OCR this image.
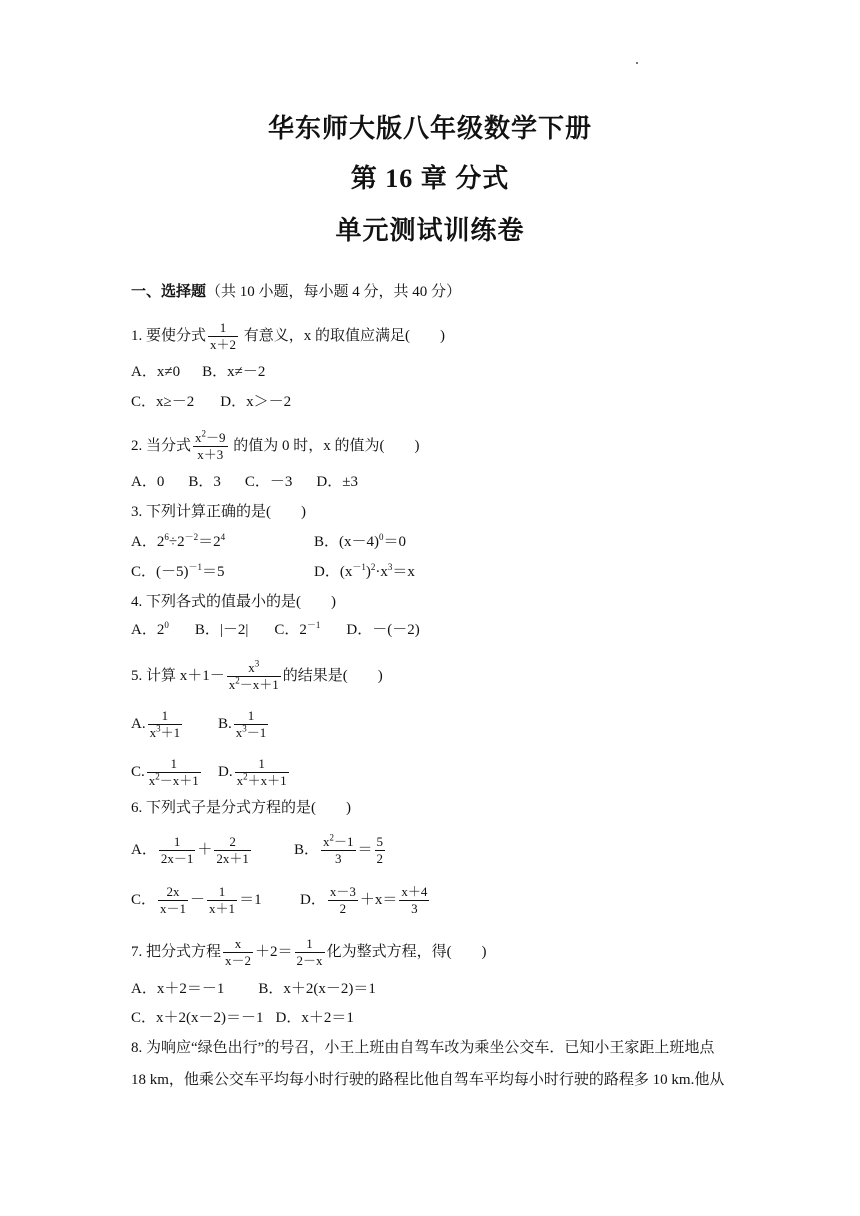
华东师大版八年级数学下册
第 16 章 分式
单元测试训练卷
一、选择题（共 10 小题，每小题 4 分，共 40 分）
1. 要使分式 $\frac{1}{x+2}$ 有意义，x 的取值应满足(　　)
A．x≠0 B．x≠－2
C．x≥－2 D．x＞－2
2. 当分式 $\frac{x^2-9}{x+3}$ 的值为 0 时，x 的值为(　　)
A．0 B．3 C．－3 D．±3
3. 下列计算正确的是(　　)
A．$2^6\div 2^{-2}=2^4$	B．$(x-4)^0=0$
C．$(-5)^{-1}=5$	D．$(x^{-1})^2\cdot x^3=x$
4. 下列各式的值最小的是(　　)
A．$2^0$ B．|－2| C．$2^{-1}$ D．－(－2)
5. 计算 $x+1- \frac{x^3}{x^2-x+1}$ 的结果是(　　)
A. $\frac{1}{x^3+1} B$. $\frac{1}{x^3-1}$
C. $\frac{1}{x^2-x+1} D$. $\frac{1}{x^2+x+1}$
6. 下列式子是分式方程的是(　　)
A． $\frac{1}{2x-1} + \frac{2}{2x+1}$	B． $\frac{x^2-1}{3} = \frac{5}{2}$
C． $\frac{2x}{x-1} - \frac{1}{x+1} =1$	D． $\frac{x-3}{2} +x= \frac{x+4}{3}$
7. 把分式方程 $\frac{x}{x-2} +2= \frac{1}{2-x}$ 化为整式方程，得(　　)
A．x＋2＝－1 B．x＋2(x－2)＝1
C．x＋2(x－2)＝－1 D．x＋2＝1
8. 为响应“绿色出行”的号召，小王上班由自驾车改为乘坐公交车．已知小王家距上班地点
18 km，他乘公交车平均每小时行驶的路程比他自驾车平均每小时行驶的路程多 10 km.他从
